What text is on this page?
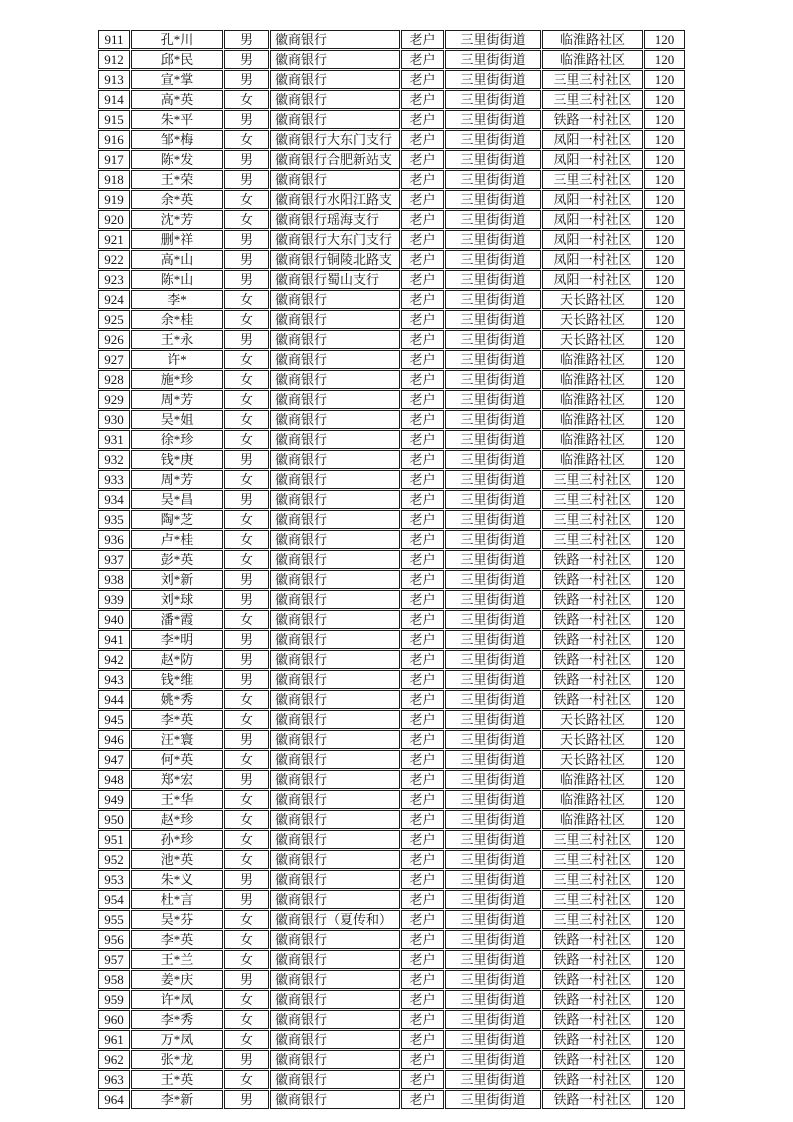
911	孔*川	男	徽商银行	老户	三里街街道	临淮路社区	120
912	邱*民	男	徽商银行	老户	三里街街道	临淮路社区	120
913	宣*掌	男	徽商银行	老户	三里街街道	三里三村社区	120
914	高*英	女	徽商银行	老户	三里街街道	三里三村社区	120
915	朱*平	男	徽商银行	老户	三里街街道	铁路一村社区	120
916	邹*梅	女	徽商银行大东门支行	老户	三里街街道	凤阳一村社区	120
917	陈*发	男	徽商银行合肥新站支	老户	三里街街道	凤阳一村社区	120
918	王*荣	男	徽商银行	老户	三里街街道	三里三村社区	120
919	余*英	女	徽商银行水阳江路支	老户	三里街街道	凤阳一村社区	120
920	沈*芳	女	徽商银行瑶海支行	老户	三里街街道	凤阳一村社区	120
921	删*祥	男	徽商银行大东门支行	老户	三里街街道	凤阳一村社区	120
922	高*山	男	徽商银行铜陵北路支	老户	三里街街道	凤阳一村社区	120
923	陈*山	男	徽商银行蜀山支行	老户	三里街街道	凤阳一村社区	120
924	李*	女	徽商银行	老户	三里街街道	天长路社区	120
925	余*桂	女	徽商银行	老户	三里街街道	天长路社区	120
926	王*永	男	徽商银行	老户	三里街街道	天长路社区	120
927	许*	女	徽商银行	老户	三里街街道	临淮路社区	120
928	施*珍	女	徽商银行	老户	三里街街道	临淮路社区	120
929	周*芳	女	徽商银行	老户	三里街街道	临淮路社区	120
930	吴*姐	女	徽商银行	老户	三里街街道	临淮路社区	120
931	徐*珍	女	徽商银行	老户	三里街街道	临淮路社区	120
932	钱*庚	男	徽商银行	老户	三里街街道	临淮路社区	120
933	周*芳	女	徽商银行	老户	三里街街道	三里三村社区	120
934	吴*昌	男	徽商银行	老户	三里街街道	三里三村社区	120
935	陶*芝	女	徽商银行	老户	三里街街道	三里三村社区	120
936	卢*桂	女	徽商银行	老户	三里街街道	三里三村社区	120
937	彭*英	女	徽商银行	老户	三里街街道	铁路一村社区	120
938	刘*新	男	徽商银行	老户	三里街街道	铁路一村社区	120
939	刘*球	男	徽商银行	老户	三里街街道	铁路一村社区	120
940	潘*霞	女	徽商银行	老户	三里街街道	铁路一村社区	120
941	李*明	男	徽商银行	老户	三里街街道	铁路一村社区	120
942	赵*防	男	徽商银行	老户	三里街街道	铁路一村社区	120
943	钱*维	男	徽商银行	老户	三里街街道	铁路一村社区	120
944	姚*秀	女	徽商银行	老户	三里街街道	铁路一村社区	120
945	李*英	女	徽商银行	老户	三里街街道	天长路社区	120
946	汪*寰	男	徽商银行	老户	三里街街道	天长路社区	120
947	何*英	女	徽商银行	老户	三里街街道	天长路社区	120
948	郑*宏	男	徽商银行	老户	三里街街道	临淮路社区	120
949	王*华	女	徽商银行	老户	三里街街道	临淮路社区	120
950	赵*珍	女	徽商银行	老户	三里街街道	临淮路社区	120
951	孙*珍	女	徽商银行	老户	三里街街道	三里三村社区	120
952	池*英	女	徽商银行	老户	三里街街道	三里三村社区	120
953	朱*义	男	徽商银行	老户	三里街街道	三里三村社区	120
954	杜*言	男	徽商银行	老户	三里街街道	三里三村社区	120
955	吴*芬	女	徽商银行（夏传和）	老户	三里街街道	三里三村社区	120
956	李*英	女	徽商银行	老户	三里街街道	铁路一村社区	120
957	王*兰	女	徽商银行	老户	三里街街道	铁路一村社区	120
958	姜*庆	男	徽商银行	老户	三里街街道	铁路一村社区	120
959	许*凤	女	徽商银行	老户	三里街街道	铁路一村社区	120
960	李*秀	女	徽商银行	老户	三里街街道	铁路一村社区	120
961	万*凤	女	徽商银行	老户	三里街街道	铁路一村社区	120
962	张*龙	男	徽商银行	老户	三里街街道	铁路一村社区	120
963	王*英	女	徽商银行	老户	三里街街道	铁路一村社区	120
964	李*新	男	徽商银行	老户	三里街街道	铁路一村社区	120
